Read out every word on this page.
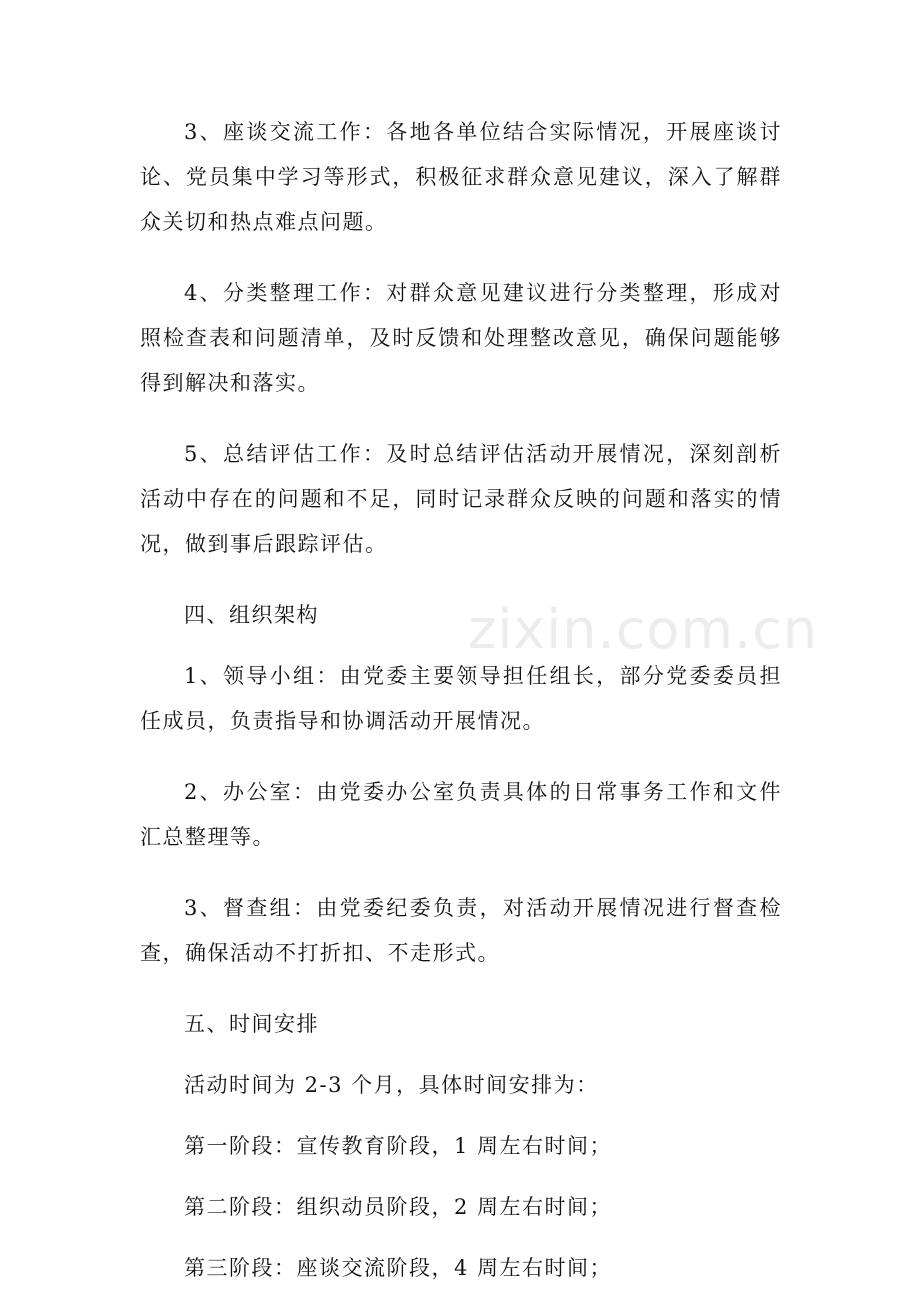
3、座谈交流工作：各地各单位结合实际情况，开展座谈讨论、党员集中学习等形式，积极征求群众意见建议，深入了解群众关切和热点难点问题。

4、分类整理工作：对群众意见建议进行分类整理，形成对照检查表和问题清单，及时反馈和处理整改意见，确保问题能够得到解决和落实。

5、总结评估工作：及时总结评估活动开展情况，深刻剖析活动中存在的问题和不足，同时记录群众反映的问题和落实的情况，做到事后跟踪评估。

四、组织架构

1、领导小组：由党委主要领导担任组长，部分党委委员担任成员，负责指导和协调活动开展情况。

2、办公室：由党委办公室负责具体的日常事务工作和文件汇总整理等。

3、督查组：由党委纪委负责，对活动开展情况进行督查检查，确保活动不打折扣、不走形式。

五、时间安排

活动时间为 2-3 个月，具体时间安排为：

第一阶段：宣传教育阶段，1 周左右时间；

第二阶段：组织动员阶段，2 周左右时间；

第三阶段：座谈交流阶段，4 周左右时间；

zixin.com.cn
